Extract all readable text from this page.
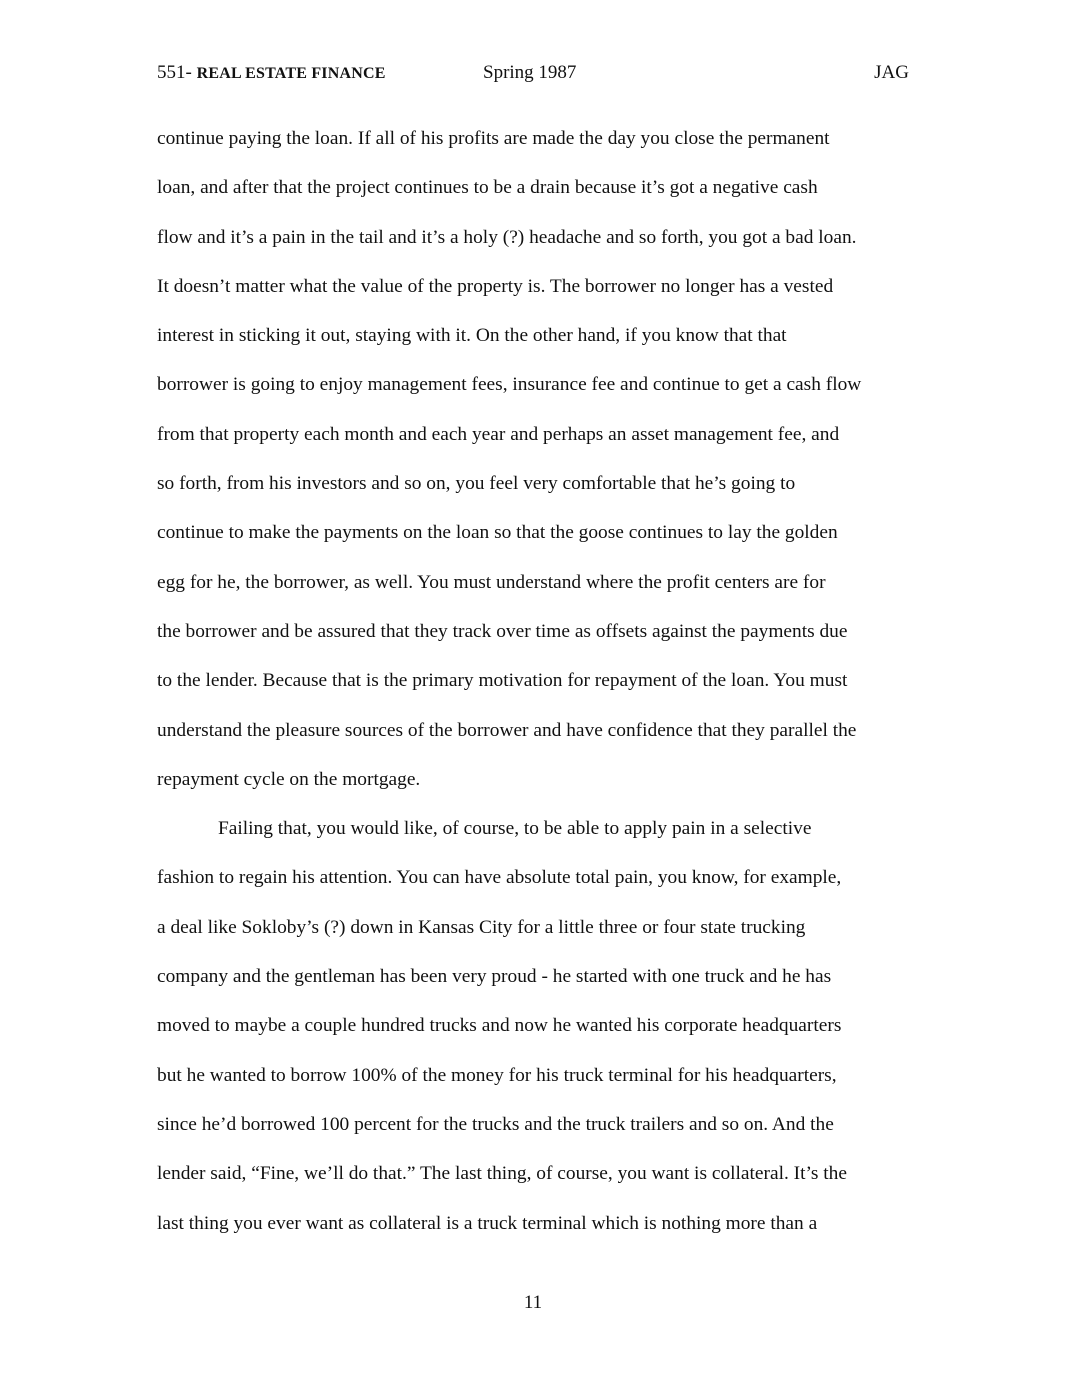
551- REAL ESTATE FINANCE	Spring 1987	JAG
continue paying the loan. If all of his profits are made the day you close the permanent
loan, and after that the project continues to be a drain because it’s got a negative cash
flow and it’s a pain in the tail and it’s a holy (?) headache and so forth, you got a bad loan.
It doesn’t matter what the value of the property is. The borrower no longer has a vested
interest in sticking it out, staying with it. On the other hand, if you know that that
borrower is going to enjoy management fees, insurance fee and continue to get a cash flow
from that property each month and each year and perhaps an asset management fee, and
so forth, from his investors and so on, you feel very comfortable that he’s going to
continue to make the payments on the loan so that the goose continues to lay the golden
egg for he, the borrower, as well. You must understand where the profit centers are for
the borrower and be assured that they track over time as offsets against the payments due
to the lender. Because that is the primary motivation for repayment of the loan. You must
understand the pleasure sources of the borrower and have confidence that they parallel the
repayment cycle on the mortgage.
Failing that, you would like, of course, to be able to apply pain in a selective
fashion to regain his attention. You can have absolute total pain, you know, for example,
a deal like Sokloby’s (?) down in Kansas City for a little three or four state trucking
company and the gentleman has been very proud - he started with one truck and he has
moved to maybe a couple hundred trucks and now he wanted his corporate headquarters
but he wanted to borrow 100% of the money for his truck terminal for his headquarters,
since he’d borrowed 100 percent for the trucks and the truck trailers and so on. And the
lender said, “Fine, we’ll do that.” The last thing, of course, you want is collateral. It’s the
last thing you ever want as collateral is a truck terminal which is nothing more than a
11
